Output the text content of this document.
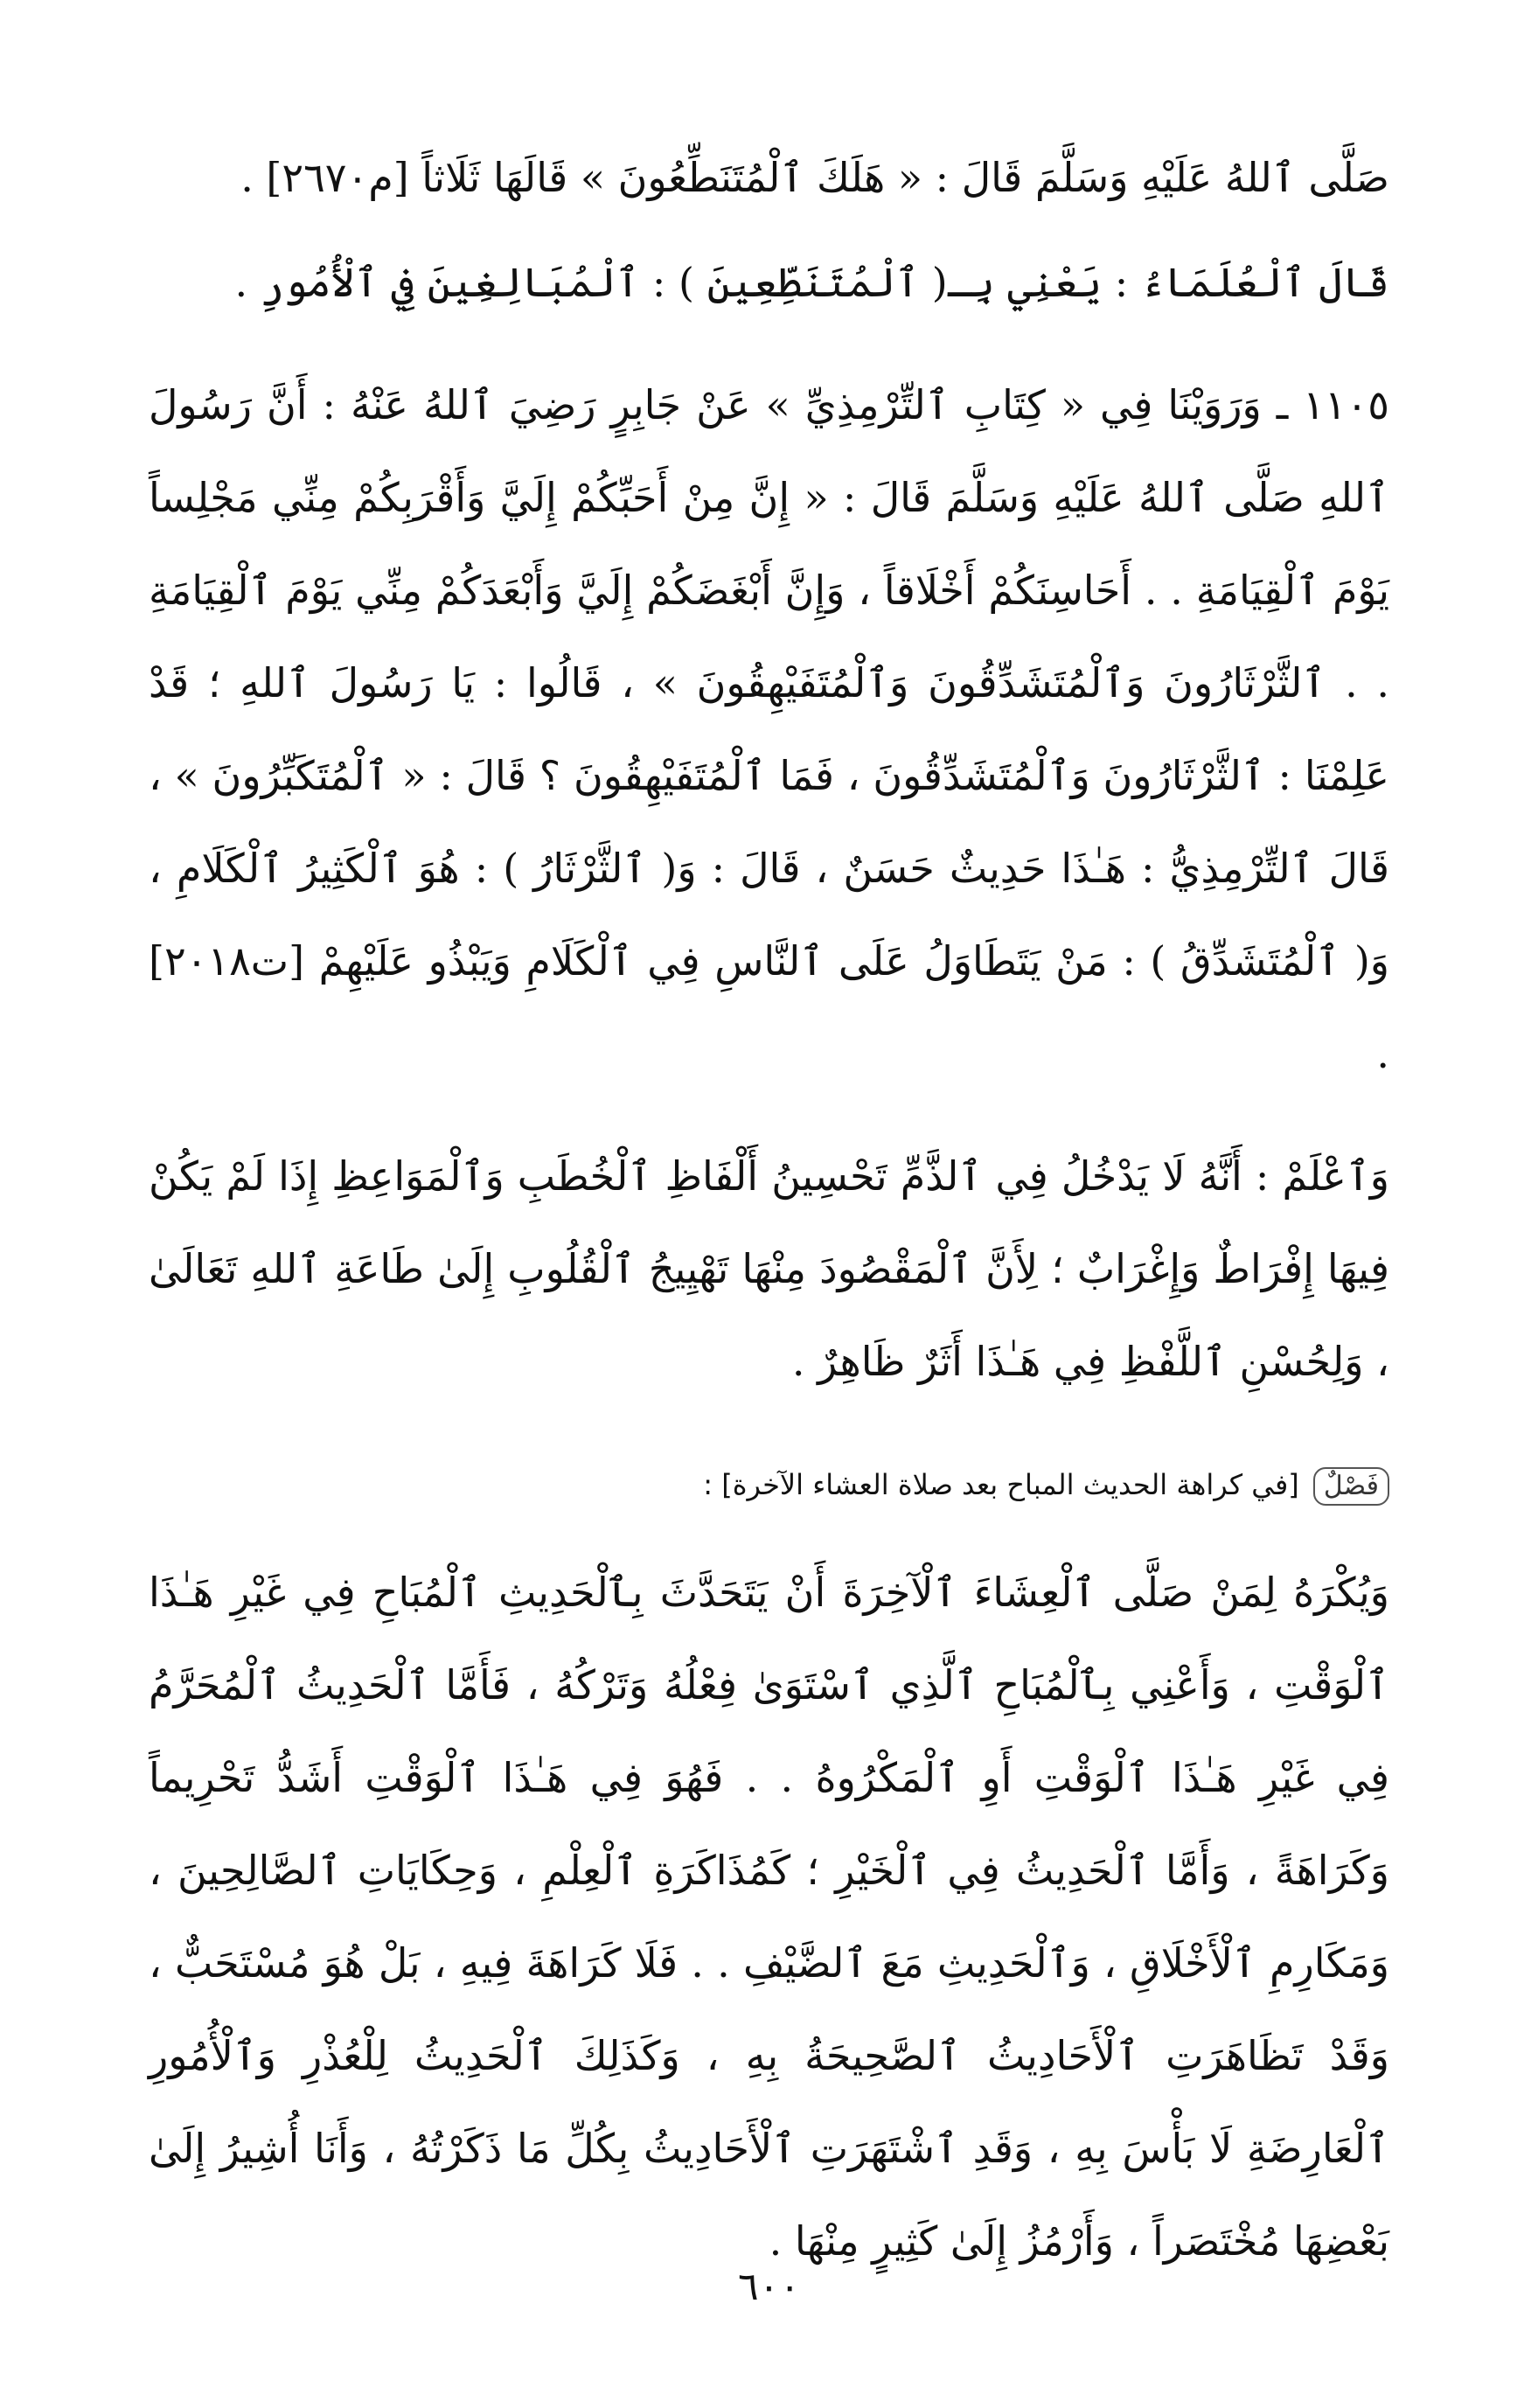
صَلَّى ٱللهُ عَلَيْهِ وَسَلَّمَ قَالَ : « هَلَكَ ٱلْمُتَنَطِّعُونَ » قَالَهَا ثَلَاثاً [م٢٦٧٠] .

قَالَ ٱلْعُلَمَاءُ : يَعْنِي بِـ( ٱلْمُتَنَطِّعِينَ ) : ٱلْمُبَالِغِينَ فِي ٱلْأُمُورِ .

١١٠٥ ـ وَرَوَيْنَا فِي « كِتَابِ ٱلتِّرْمِذِيِّ » عَنْ جَابِرٍ رَضِيَ ٱللهُ عَنْهُ : أَنَّ رَسُولَ ٱللهِ صَلَّى ٱللهُ عَلَيْهِ وَسَلَّمَ قَالَ : « إِنَّ مِنْ أَحَبِّكُمْ إِلَيَّ وَأَقْرَبِكُمْ مِنِّي مَجْلِساً يَوْمَ ٱلْقِيَامَةِ . . أَحَاسِنَكُمْ أَخْلَاقاً ، وَإِنَّ أَبْغَضَكُمْ إِلَيَّ وَأَبْعَدَكُمْ مِنِّي يَوْمَ ٱلْقِيَامَةِ . . ٱلثَّرْثَارُونَ وَٱلْمُتَشَدِّقُونَ وَٱلْمُتَفَيْهِقُونَ » ، قَالُوا : يَا رَسُولَ ٱللهِ ؛ قَدْ عَلِمْنَا : ٱلثَّرْثَارُونَ وَٱلْمُتَشَدِّقُونَ ، فَمَا ٱلْمُتَفَيْهِقُونَ ؟ قَالَ : « ٱلْمُتَكَبِّرُونَ » ، قَالَ ٱلتِّرْمِذِيُّ : هَـٰذَا حَدِيثٌ حَسَنٌ ، قَالَ : وَ( ٱلثَّرْثَارُ ) : هُوَ ٱلْكَثِيرُ ٱلْكَلَامِ ، وَ( ٱلْمُتَشَدِّقُ ) : مَنْ يَتَطَاوَلُ عَلَى ٱلنَّاسِ فِي ٱلْكَلَامِ وَيَبْذُو عَلَيْهِمْ [ت٢٠١٨] .

وَٱعْلَمْ : أَنَّهُ لَا يَدْخُلُ فِي ٱلذَّمِّ تَحْسِينُ أَلْفَاظِ ٱلْخُطَبِ وَٱلْمَوَاعِظِ إِذَا لَمْ يَكُنْ فِيهَا إِفْرَاطٌ وَإِغْرَابٌ ؛ لِأَنَّ ٱلْمَقْصُودَ مِنْهَا تَهْيِيجُ ٱلْقُلُوبِ إِلَىٰ طَاعَةِ ٱللهِ تَعَالَىٰ ، وَلِحُسْنِ ٱللَّفْظِ فِي هَـٰذَا أَثَرٌ ظَاهِرٌ .

فَصْلٌ [في كراهة الحديث المباح بعد صلاة العشاء الآخرة] :

وَيُكْرَهُ لِمَنْ صَلَّى ٱلْعِشَاءَ ٱلْآخِرَةَ أَنْ يَتَحَدَّثَ بِٱلْحَدِيثِ ٱلْمُبَاحِ فِي غَيْرِ هَـٰذَا ٱلْوَقْتِ ، وَأَعْنِي بِٱلْمُبَاحِ ٱلَّذِي ٱسْتَوَىٰ فِعْلُهُ وَتَرْكُهُ ، فَأَمَّا ٱلْحَدِيثُ ٱلْمُحَرَّمُ فِي غَيْرِ هَـٰذَا ٱلْوَقْتِ أَوِ ٱلْمَكْرُوهُ . . فَهُوَ فِي هَـٰذَا ٱلْوَقْتِ أَشَدُّ تَحْرِيماً وَكَرَاهَةً ، وَأَمَّا ٱلْحَدِيثُ فِي ٱلْخَيْرِ ؛ كَمُذَاكَرَةِ ٱلْعِلْمِ ، وَحِكَايَاتِ ٱلصَّالِحِينَ ، وَمَكَارِمِ ٱلْأَخْلَاقِ ، وَٱلْحَدِيثِ مَعَ ٱلضَّيْفِ . . فَلَا كَرَاهَةَ فِيهِ ، بَلْ هُوَ مُسْتَحَبٌّ ، وَقَدْ تَظَاهَرَتِ ٱلْأَحَادِيثُ ٱلصَّحِيحَةُ بِهِ ، وَكَذَلِكَ ٱلْحَدِيثُ لِلْعُذْرِ وَٱلْأُمُورِ ٱلْعَارِضَةِ لَا بَأْسَ بِهِ ، وَقَدِ ٱشْتَهَرَتِ ٱلْأَحَادِيثُ بِكُلِّ مَا ذَكَرْتُهُ ، وَأَنَا أُشِيرُ إِلَىٰ بَعْضِهَا مُخْتَصَراً ، وَأَرْمُزُ إِلَىٰ كَثِيرٍ مِنْهَا .

٦٠٠
